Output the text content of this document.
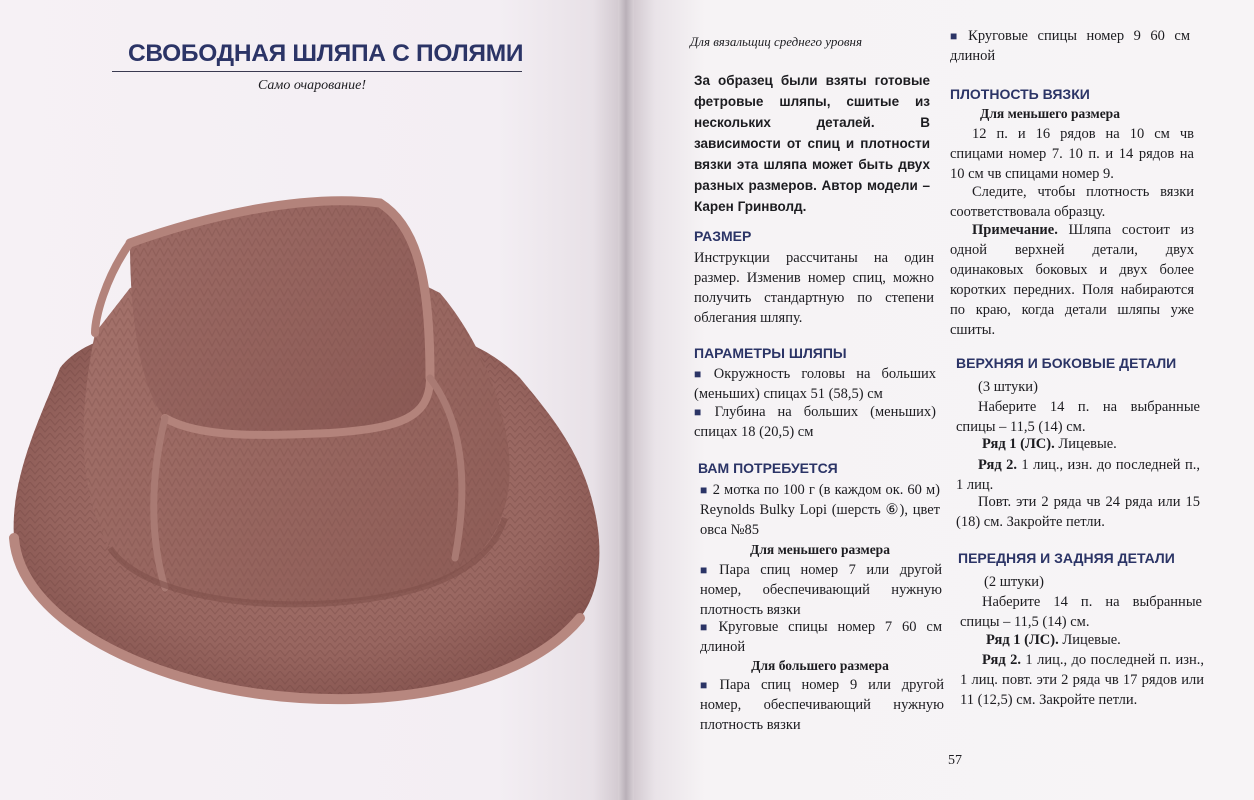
СВОБОДНАЯ ШЛЯПА С ПОЛЯМИ
Само очарование!
Для вязальщиц среднего уровня

За образец были взяты готовые фетровые шляпы, сшитые из нескольких деталей. В зависимости от спиц и плотности вязки эта шляпа может быть двух разных размеров. Автор модели – Карен Гринволд.

РАЗМЕР

Инструкции рассчитаны на один размер. Изменив номер спиц, можно получить стандартную по степени облегания шляпу.

ПАРАМЕТРЫ ШЛЯПЫ

■ Окружность головы на больших (меньших) спицах 51 (58,5) см

■ Глубина на больших (меньших) спицах 18 (20,5) см

ВАМ ПОТРЕБУЕТСЯ

■ 2 мотка по 100 г (в каждом ок. 60 м) Reynolds Bulky Lopi (шерсть ⑥), цвет овса №85

Для меньшего размера

■ Пара спиц номер 7 или другой номер, обеспечивающий нужную плотность вязки

■ Круговые спицы номер 7 60 см длиной

Для большего размера

■ Пара спиц номер 9 или другой номер, обеспечивающий нужную плотность вязки

■ Круговые спицы номер 9 60 см длиной

ПЛОТНОСТЬ ВЯЗКИ

Для меньшего размера

12 п. и 16 рядов на 10 см чв спицами номер 7. 10 п. и 14 рядов на 10 см чв спицами номер 9.

Следите, чтобы плотность вязки соответствовала образцу.

Примечание. Шляпа состоит из одной верхней детали, двух одинаковых боковых и двух более коротких передних. Поля набираются по краю, когда детали шляпы уже сшиты.

ВЕРХНЯЯ И БОКОВЫЕ ДЕТАЛИ

(3 штуки)

Наберите 14 п. на выбранные спицы – 11,5 (14) см.

Ряд 1 (ЛС). Лицевые.

Ряд 2. 1 лиц., изн. до последней п., 1 лиц.

Повт. эти 2 ряда чв 24 ряда или 15 (18) см. Закройте петли.

ПЕРЕДНЯЯ И ЗАДНЯЯ ДЕТАЛИ

(2 штуки)

Наберите 14 п. на выбранные спицы – 11,5 (14) см.

Ряд 1 (ЛС). Лицевые.

Ряд 2. 1 лиц., до последней п. изн., 1 лиц. повт. эти 2 ряда чв 17 рядов или 11 (12,5) см. Закройте петли.

57
